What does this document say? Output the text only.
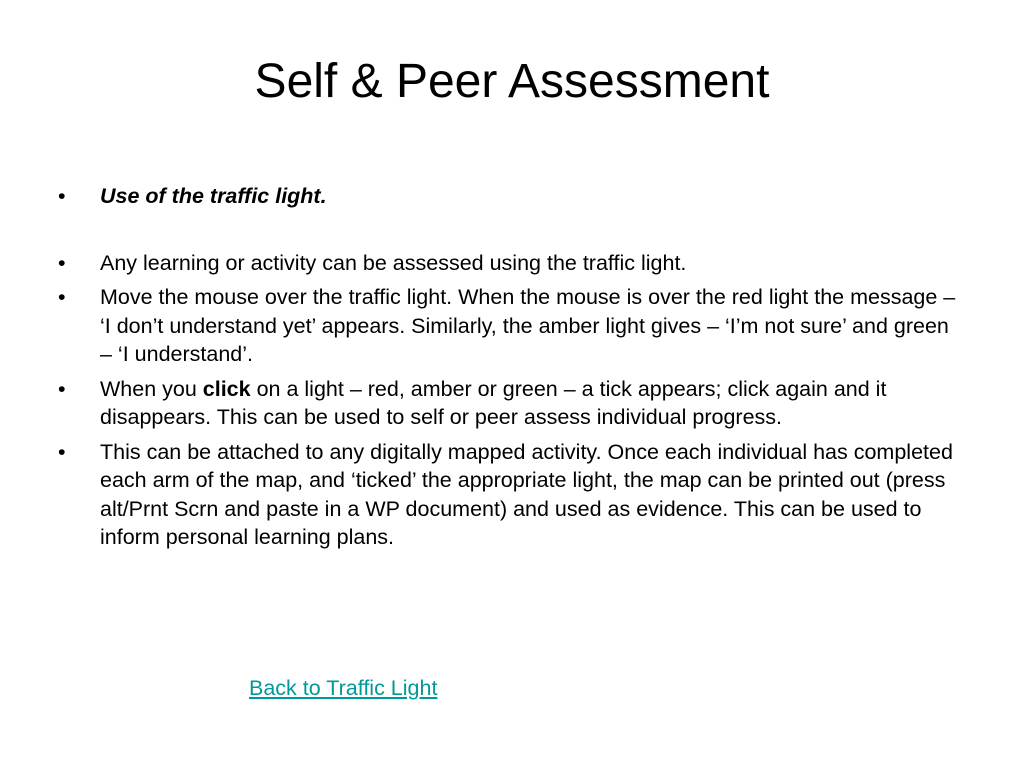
Self & Peer Assessment
•	Use of the traffic light.
•	Any learning or activity can be assessed using the traffic light.
•	Move the mouse over the traffic light. When the mouse is over the red light the message – ‘I don’t understand yet’ appears. Similarly, the amber light gives – ‘I’m not sure’ and green – ‘I understand’.
•	When you click on a light – red, amber or green – a tick appears; click again and it disappears. This can be used to self or peer assess individual progress.
•	This can be attached to any digitally mapped activity. Once each individual has completed each arm of the map, and ‘ticked’ the appropriate light, the map can be printed out (press alt/Prnt Scrn and paste in a WP document) and used as evidence. This can be used to inform personal learning plans.
Back to Traffic Light
